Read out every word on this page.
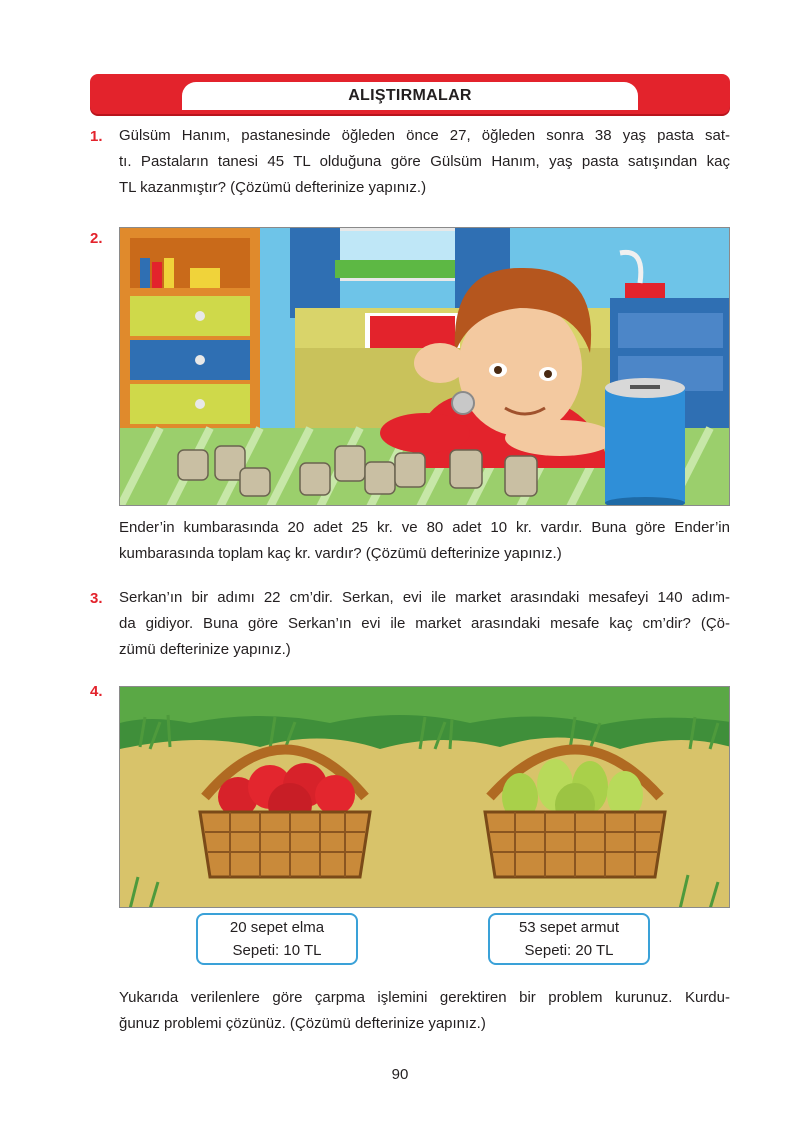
ALIŞTIRMALAR
1. Gülsüm Hanım, pastanesinde öğleden önce 27, öğleden sonra 38 yaş pasta sat-
tı. Pastaların tanesi 45 TL olduğuna göre Gülsüm Hanım, yaş pasta satışından kaç
TL kazanmıştır? (Çözümü defterinize yapınız.)
2.
Ender’in kumbarasında 20 adet 25 kr. ve 80 adet 10 kr. vardır. Buna göre Ender’in
kumbarasında toplam kaç kr. vardır? (Çözümü defterinize yapınız.)
3. Serkan’ın bir adımı 22 cm’dir. Serkan, evi ile market arasındaki mesafeyi 140 adım-
da gidiyor. Buna göre Serkan’ın evi ile market arasındaki mesafe kaç cm’dir? (Çö-
zümü defterinize yapınız.)
4.
20 sepet elma
Sepeti: 10 TL
53 sepet armut
Sepeti: 20 TL
Yukarıda verilenlere göre çarpma işlemini gerektiren bir problem kurunuz. Kurdu-
ğunuz problemi çözünüz. (Çözümü defterinize yapınız.)
90
